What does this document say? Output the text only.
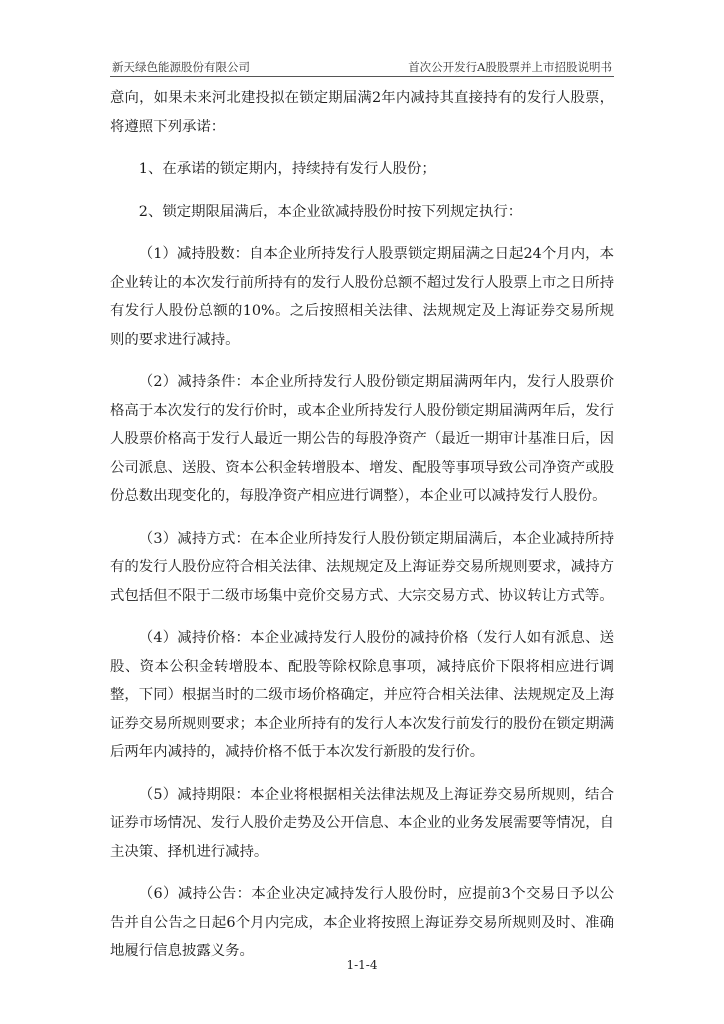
新天绿色能源股份有限公司	首次公开发行A股股票并上市招股说明书

意向，如果未来河北建投拟在锁定期届满2年内减持其直接持有的发行人股票，将遵照下列承诺：

1、在承诺的锁定期内，持续持有发行人股份；

2、锁定期限届满后，本企业欲减持股份时按下列规定执行：

（1）减持股数：自本企业所持发行人股票锁定期届满之日起24个月内，本企业转让的本次发行前所持有的发行人股份总额不超过发行人股票上市之日所持有发行人股份总额的10%。之后按照相关法律、法规规定及上海证券交易所规则的要求进行减持。

（2）减持条件：本企业所持发行人股份锁定期届满两年内，发行人股票价格高于本次发行的发行价时，或本企业所持发行人股份锁定期届满两年后，发行人股票价格高于发行人最近一期公告的每股净资产（最近一期审计基准日后，因公司派息、送股、资本公积金转增股本、增发、配股等事项导致公司净资产或股份总数出现变化的，每股净资产相应进行调整），本企业可以减持发行人股份。

（3）减持方式：在本企业所持发行人股份锁定期届满后，本企业减持所持有的发行人股份应符合相关法律、法规规定及上海证券交易所规则要求，减持方式包括但不限于二级市场集中竞价交易方式、大宗交易方式、协议转让方式等。

（4）减持价格：本企业减持发行人股份的减持价格（发行人如有派息、送股、资本公积金转增股本、配股等除权除息事项，减持底价下限将相应进行调整，下同）根据当时的二级市场价格确定，并应符合相关法律、法规规定及上海证券交易所规则要求；本企业所持有的发行人本次发行前发行的股份在锁定期满后两年内减持的，减持价格不低于本次发行新股的发行价。

（5）减持期限：本企业将根据相关法律法规及上海证券交易所规则，结合证券市场情况、发行人股价走势及公开信息、本企业的业务发展需要等情况，自主决策、择机进行减持。

（6）减持公告：本企业决定减持发行人股份时，应提前3个交易日予以公告并自公告之日起6个月内完成，本企业将按照上海证券交易所规则及时、准确地履行信息披露义务。

1-1-4
